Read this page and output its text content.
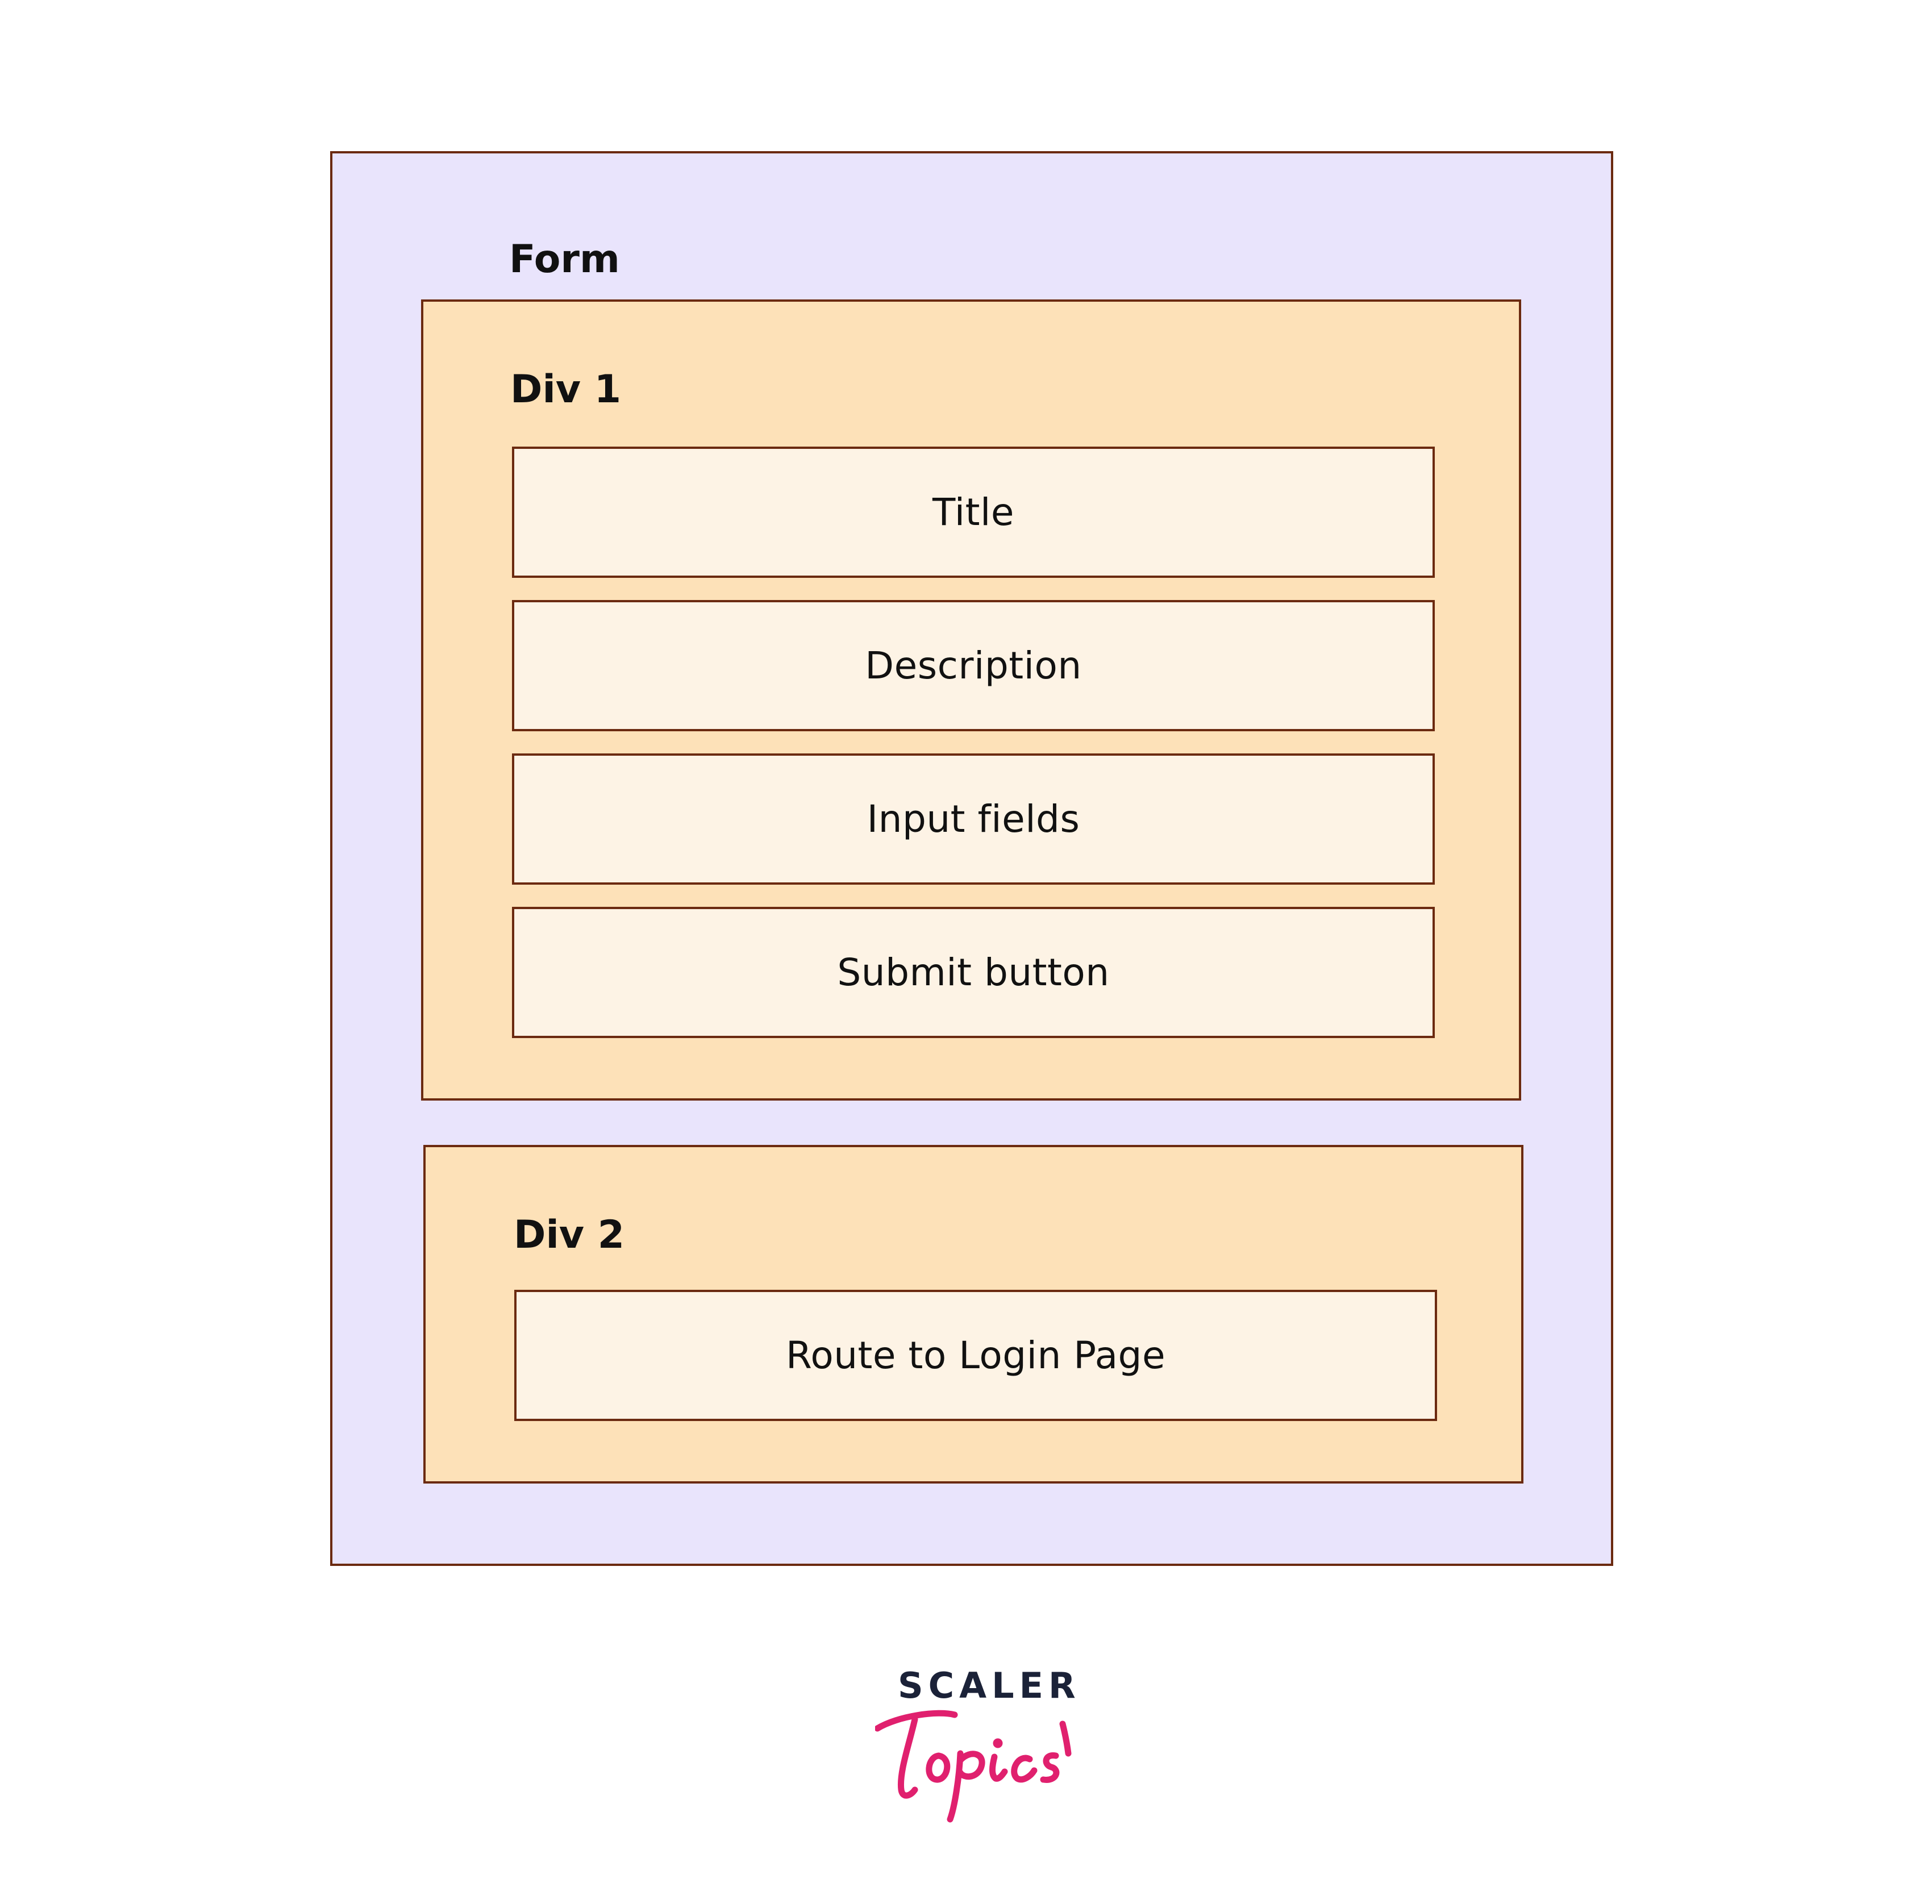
Form
Div 1
Title
Description
Input fields
Submit button
Div 2
Route to Login Page
SCALER
